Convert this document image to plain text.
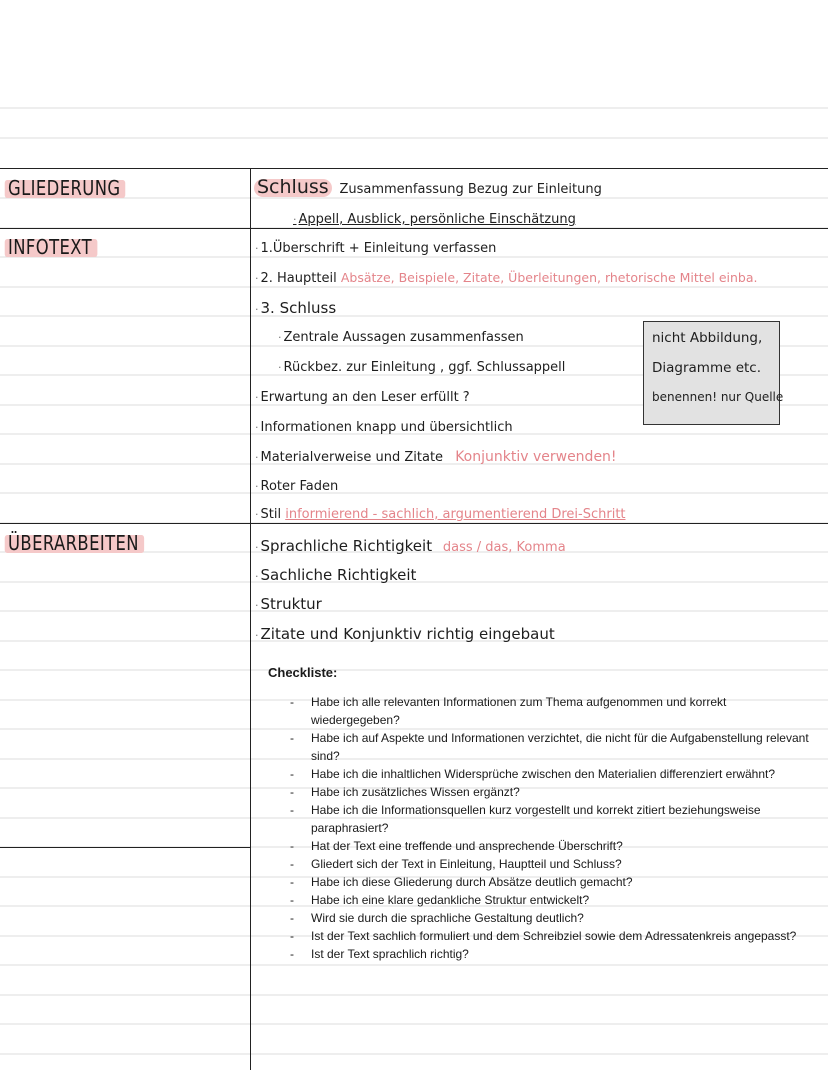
GLIEDERUNG
INFOTEXT
ÜBERARBEITEN
Schluss Zusammenfassung Bezug zur Einleitung
· Appell, Ausblick, persönliche Einschätzung
· 1.Überschrift + Einleitung verfassen
· 2. Hauptteil Absätze, Beispiele, Zitate, Überleitungen, rhetorische Mittel einba.
· 3. Schluss
· Zentrale Aussagen zusammenfassen
· Rückbez. zur Einleitung , ggf. Schlussappell
· Erwartung an den Leser erfüllt ?
· Informationen knapp und übersichtlich
· Materialverweise und Zitate Konjunktiv verwenden!
· Roter Faden
· Stil informierend - sachlich, argumentierend Drei-Schritt
nicht Abbildung,
Diagramme etc.
benennen! nur Quelle
· Sprachliche Richtigkeit dass / das, Komma
· Sachliche Richtigkeit
· Struktur
· Zitate und Konjunktiv richtig eingebaut
Checkliste:
- Habe ich alle relevanten Informationen zum Thema aufgenommen und korrekt wiedergegeben?
- Habe ich auf Aspekte und Informationen verzichtet, die nicht für die Aufgabenstellung relevant sind?
- Habe ich die inhaltlichen Widersprüche zwischen den Materialien differenziert erwähnt?
- Habe ich zusätzliches Wissen ergänzt?
- Habe ich die Informationsquellen kurz vorgestellt und korrekt zitiert beziehungsweise paraphrasiert?
- Hat der Text eine treffende und ansprechende Überschrift?
- Gliedert sich der Text in Einleitung, Hauptteil und Schluss?
- Habe ich diese Gliederung durch Absätze deutlich gemacht?
- Habe ich eine klare gedankliche Struktur entwickelt?
- Wird sie durch die sprachliche Gestaltung deutlich?
- Ist der Text sachlich formuliert und dem Schreibziel sowie dem Adressatenkreis angepasst?
- Ist der Text sprachlich richtig?
